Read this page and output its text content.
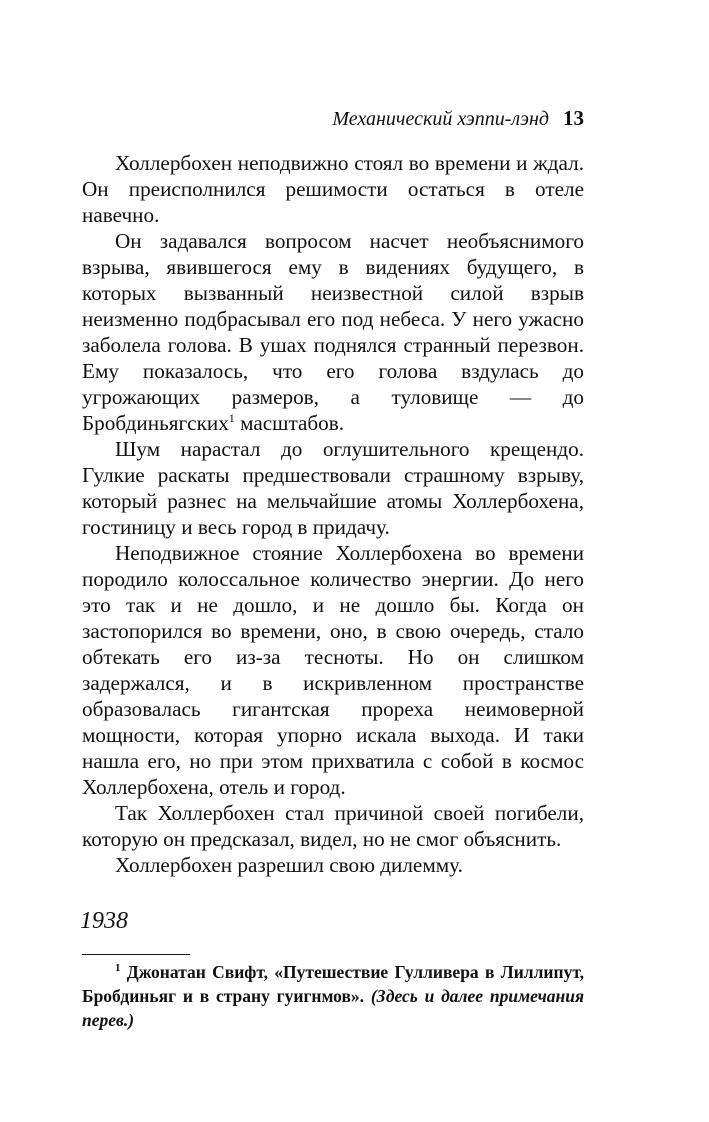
Механический хэппи-лэнд 13

Холлербохен неподвижно стоял во времени и ждал. Он преисполнился решимости остаться в отеле навечно.

Он задавался вопросом насчет необъяснимого взрыва, явившегося ему в видениях будущего, в которых вызванный неизвестной силой взрыв неизменно подбрасывал его под небеса. У него ужасно заболела голова. В ушах поднялся странный перезвон. Ему показалось, что его голова вздулась до угрожающих размеров, а туловище — до Бробдиньягских$^1$ масштабов.

Шум нарастал до оглушительного крещендо. Гулкие раскаты предшествовали страшному взрыву, который разнес на мельчайшие атомы Холлербохена, гостиницу и весь город в придачу.

Неподвижное стояние Холлербохена во времени породило колоссальное количество энергии. До него это так и не дошло, и не дошло бы. Когда он застопорился во времени, оно, в свою очередь, стало обтекать его из-за тесноты. Но он слишком задержался, и в искривленном пространстве образовалась гигантская прореха неимоверной мощности, которая упорно искала выхода. И таки нашла его, но при этом прихватила с собой в космос Холлербохена, отель и город.

Так Холлербохен стал причиной своей погибели, которую он предсказал, видел, но не смог объяснить.

Холлербохен разрешил свою дилемму.

1938

$^1$ Джонатан Свифт, «Путешествие Гулливера в Лиллипут, Бробдиньяг и в страну гуигнмов». (Здесь и далее примечания перев.)
